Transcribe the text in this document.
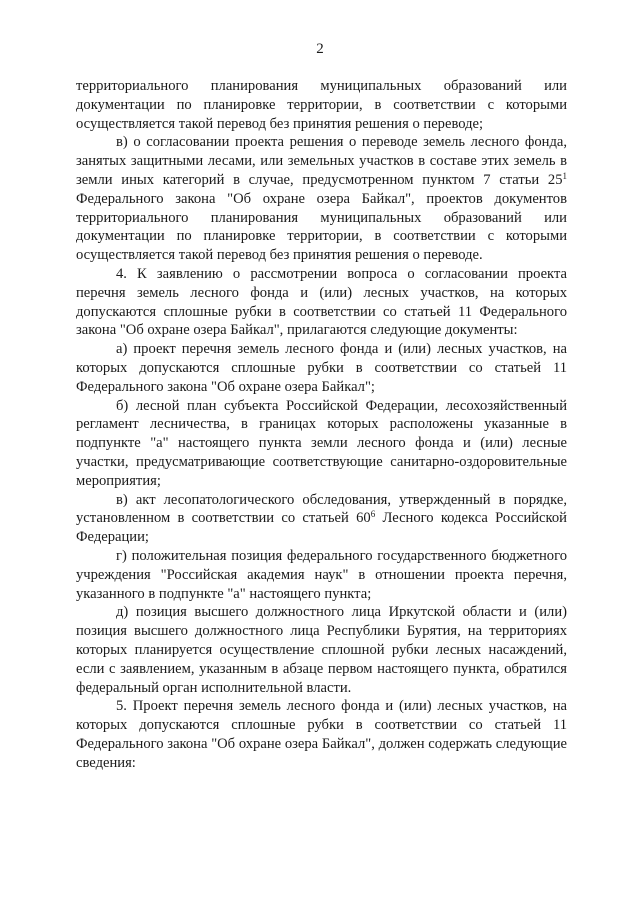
2

территориального планирования муниципальных образований или документации по планировке территории, в соответствии с которыми осуществляется такой перевод без принятия решения о переводе;

в) о согласовании проекта решения о переводе земель лесного фонда, занятых защитными лесами, или земельных участков в составе этих земель в земли иных категорий в случае, предусмотренном пунктом 7 статьи $25^1$ Федерального закона "Об охране озера Байкал", проектов документов территориального планирования муниципальных образований или документации по планировке территории, в соответствии с которыми осуществляется такой перевод без принятия решения о переводе.

4. К заявлению о рассмотрении вопроса о согласовании проекта перечня земель лесного фонда и (или) лесных участков, на которых допускаются сплошные рубки в соответствии со статьей 11 Федерального закона "Об охране озера Байкал", прилагаются следующие документы:

а) проект перечня земель лесного фонда и (или) лесных участков, на которых допускаются сплошные рубки в соответствии со статьей 11 Федерального закона "Об охране озера Байкал";

б) лесной план субъекта Российской Федерации, лесохозяйственный регламент лесничества, в границах которых расположены указанные в подпункте "а" настоящего пункта земли лесного фонда и (или) лесные участки, предусматривающие соответствующие санитарно-оздоровительные мероприятия;

в) акт лесопатологического обследования, утвержденный в порядке, установленном в соответствии со статьей $60^6$ Лесного кодекса Российской Федерации;

г) положительная позиция федерального государственного бюджетного учреждения "Российская академия наук" в отношении проекта перечня, указанного в подпункте "а" настоящего пункта;

д) позиция высшего должностного лица Иркутской области и (или) позиция высшего должностного лица Республики Бурятия, на территориях которых планируется осуществление сплошной рубки лесных насаждений, если с заявлением, указанным в абзаце первом настоящего пункта, обратился федеральный орган исполнительной власти.

5. Проект перечня земель лесного фонда и (или) лесных участков, на которых допускаются сплошные рубки в соответствии со статьей 11 Федерального закона "Об охране озера Байкал", должен содержать следующие сведения:
